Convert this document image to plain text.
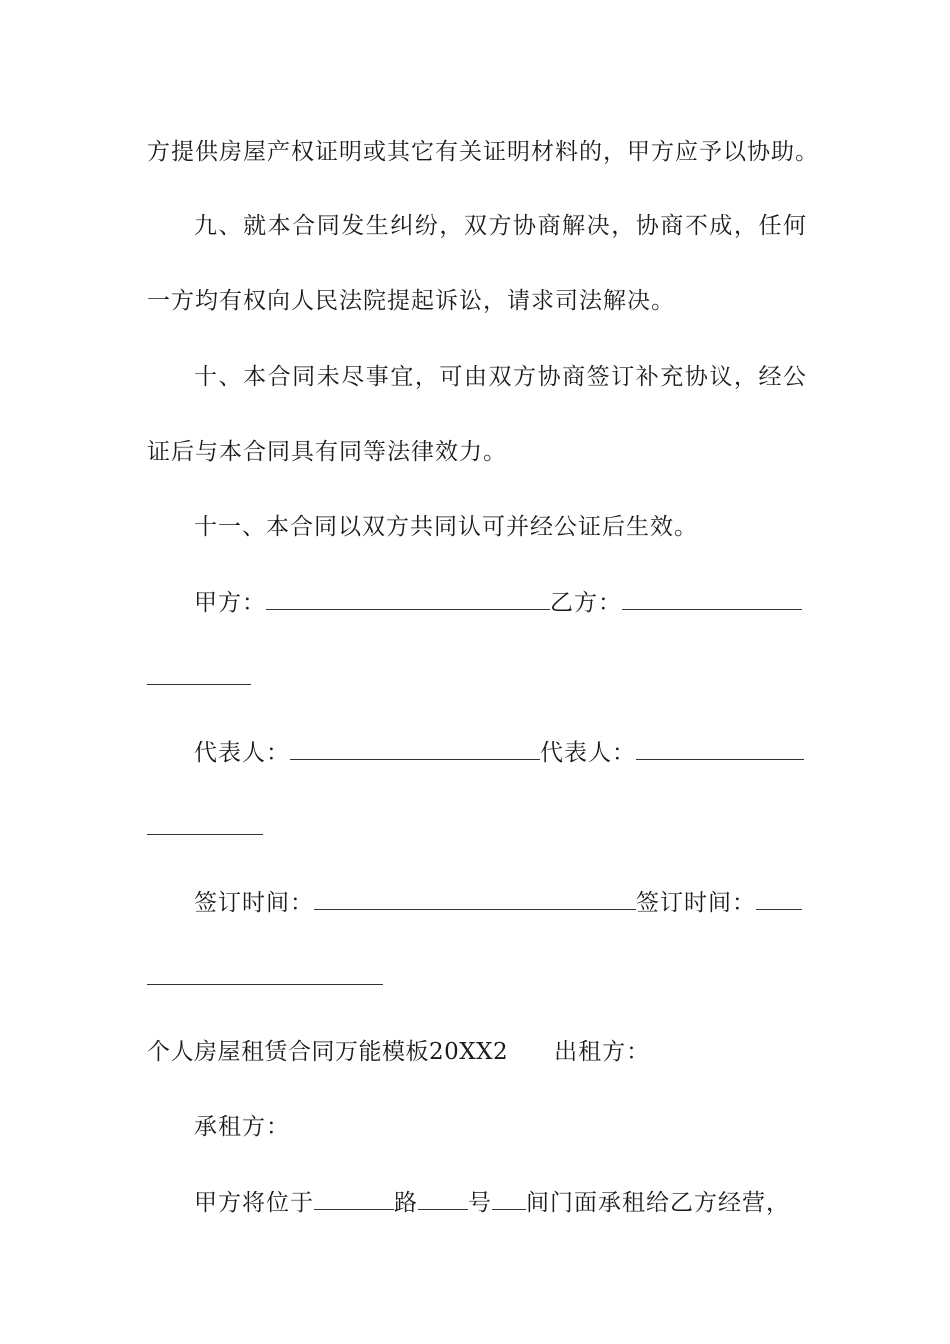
方提供房屋产权证明或其它有关证明材料的，甲方应予以协助。
九、就本合同发生纠纷，双方协商解决，协商不成，任何
一方均有权向人民法院提起诉讼，请求司法解决。
十、本合同未尽事宜，可由双方协商签订补充协议，经公
证后与本合同具有同等法律效力。
十一、本合同以双方共同认可并经公证后生效。
甲方：	乙方：
代表人：	代表人：
签订时间：	签订时间：
个人房屋租赁合同万能模板20XX2 出租方：
承租方：
甲方将位于	路 号 间门面承租给乙方经营，
